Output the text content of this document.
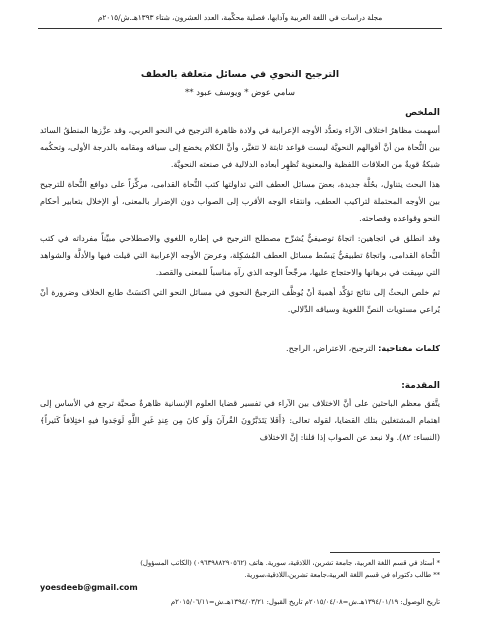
مجلة دراسات في اللغة العربية وآدابها، فصلية محكَّمة، العدد العشرون، شتاء ١٣٩٣هـ.ش/٢٠١٥م
الترجيح النحوي في مسائل متعلقة بالعطف
سامي عوض * ويوسف عبود **
الملخص

أسهمت مظاهرُ اختلاف الآراء وتعدُّد الأوجه الإعرابية في ولادة ظاهرة الترجيح في النحو العربي، وقد عزَّزها المنطقُ السائد بين النُّحاة من أنَّ أقوالهم النحويَّة ليست قواعد ثابتة لا تتغيَّر، وأنَّ الكلام يخضع إلى سياقه ومقامه بالدرجة الأولى، وتحكُمه شبكةٌ قويةٌ من العلاقات اللفظية والمعنوية تُظهِر أبعاده الدلالية في صنعته النحويَّة.

هذا البحث يتناول، بحُلَّة جديدة، بعضَ مسائل العطف التي تداولتها كتب النُّحاة القدامى، مركِّزاً على دوافع النُّحاة للترجيح بين الأوجه المحتملة لتراكيب العطف، وانتقاء الوجه الأقرب إلى الصواب دون الإضرار بالمعنى، أو الإخلال بتعابير أحكام النحو وقواعده وفصاحته.

وقد انطلق في اتجاهين: اتجاهٌ توصيفيٌّ يُشرِّح مصطلح الترجيح في إطاره اللغوي والاصطلاحي مبيِّناً مفرداته في كتب النُّحاة القدامى، واتجاهٌ تطبيقيٌّ يَبسُط مسائل العطف المُشكِلة، وعرضَ الأوجه الإعرابية التي قيلت فيها والأدلَّة والشواهد التي سِيقت في برهانها والاحتجاج عليها، مرجِّحاً الوجه الذي رآه مناسباً للمعنى والقصد.

ثم خلص البحثُ إلى نتائج تؤكِّد أهميةَ أنْ يُوظَّف الترجيحُ النحوي في مسائل النحو التي اكتسَتْ طابع الخلاف وضرورة أنْ يُراعي مستويات النصِّ اللغوية وسياقه الدِّلالي.

كلمات مفتاحية: الترجيح، الاعتراض، الراجح.
المقدمة:

يتَّفق معظم الباحثين على أنَّ الاختلاف بين الآراء في تفسير قضايا العلوم الإنسانية ظاهرةٌ صحيَّة ترجع في الأساس إلى اهتمام المشتغلين بتلك القضايا، لقوله تعالى: ﴿أَفَلا يَتَدَبَّرُونَ القُرآنَ وَلَو كانَ مِن عِندِ غَيرِ اللَّهِ لَوَجَدوا فيهِ اختِلافاً كَثيراً﴾ (النساء: ٨٢). ولا نبعد عن الصواب إذا قلنا: إنَّ الاختلاف

* أستاذ في قسم اللغة العربية، جامعة تشرين، اللاذقية، سورية. هاتف (٠٩٦٣٩٨٨٢٩٠٥٦٢) (الكاتب المسؤول)

** طالب دكتوراه في قسم اللغة العربية،جامعة تشرين،اللاذقية،سورية.

yoesdeeb@gmail.com

تاريخ الوصول: ١٣٩٤/٠١/١٩هـ.ش=٢٠١٥/٠٤/٠٨م تاريخ القبول: ١٣٩٤/٠٣/٢١هـ.ش=٢٠١٥/٠٦/١١م
